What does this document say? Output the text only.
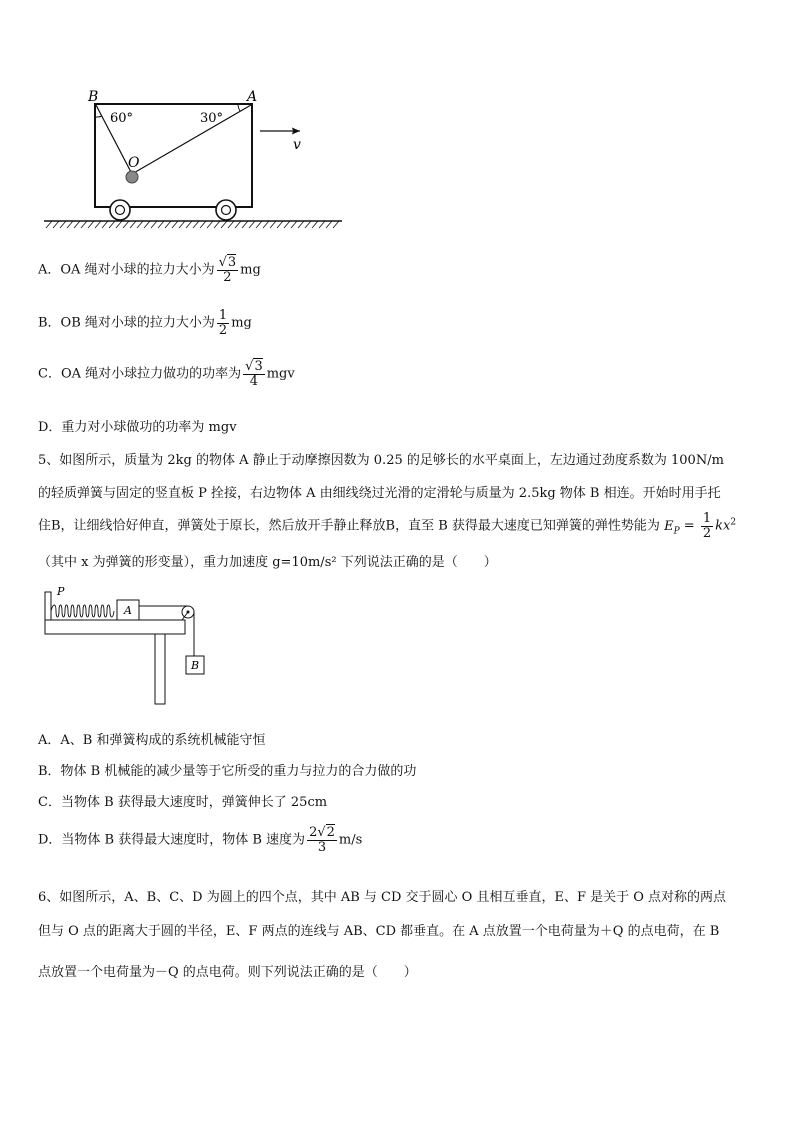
B	A
O
v
60°	30°
A．OA 绳对小球的拉力大小为 $\frac{√3}{2}$ mg
B．OB 绳对小球的拉力大小为 $\frac{1}{2}$ mg
C．OA 绳对小球拉力做功的功率为 $\frac{√3}{4}$ mgv
D．重力对小球做功的功率为 mgv
5、如图所示，质量为 2kg 的物体 A 静止于动摩擦因数为 0.25 的足够长的水平桌面上，左边通过劲度系数为 100N/m
的轻质弹簧与固定的竖直板 P 拴接，右边物体 A 由细线绕过光滑的定滑轮与质量为 2.5kg 物体 B 相连。开始时用手托
住B，让细线恰好伸直，弹簧处于原长，然后放开手静止释放B，直至 B 获得最大速度已知弹簧的弹性势能为 $E_P = \frac{1}{2} kx^2$
（其中 x 为弹簧的形变量），重力加速度 g=10m/s² 下列说法正确的是（　　）
P
A
B
A．A、B 和弹簧构成的系统机械能守恒
B．物体 B 机械能的减少量等于它所受的重力与拉力的合力做的功
C．当物体 B 获得最大速度时，弹簧伸长了 25cm
D．当物体 B 获得最大速度时，物体 B 速度为 $\frac{2√2}{3} m/s$
6、如图所示，A、B、C、D 为圆上的四个点，其中 AB 与 CD 交于圆心 O 且相互垂直，E、F 是关于 O 点对称的两点
但与 O 点的距离大于圆的半径，E、F 两点的连线与 AB、CD 都垂直。在 A 点放置一个电荷量为＋Q 的点电荷，在 B
点放置一个电荷量为－Q 的点电荷。则下列说法正确的是（　　）
